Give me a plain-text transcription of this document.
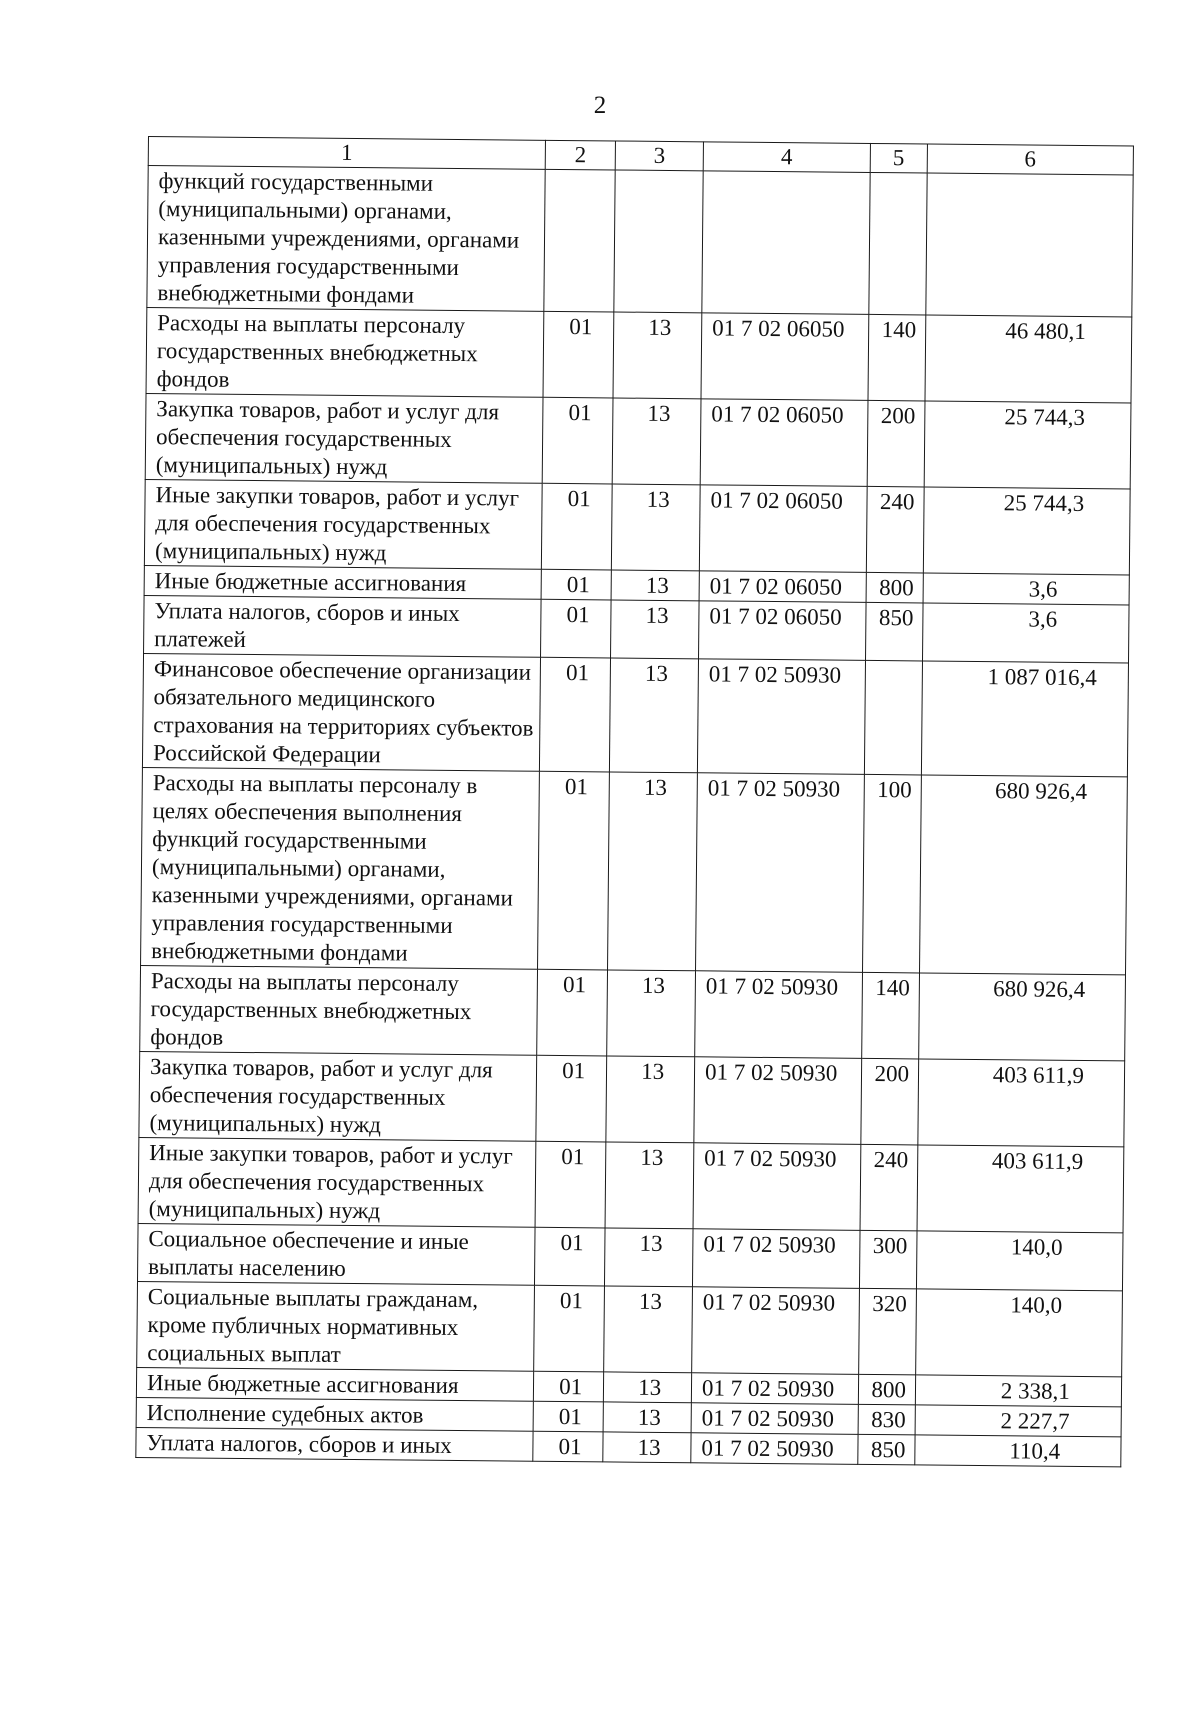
2
1	2	3	4	5	6
функций государственными (муниципальными) органами, казенными учреждениями, органами управления государственными внебюджетными фондами					
Расходы на выплаты персоналу государственных внебюджетных фондов	01	13	01 7 02 06050	140	46 480,1
Закупка товаров, работ и услуг для обеспечения государственных (муниципальных) нужд	01	13	01 7 02 06050	200	25 744,3
Иные закупки товаров, работ и услуг для обеспечения государственных (муниципальных) нужд	01	13	01 7 02 06050	240	25 744,3
Иные бюджетные ассигнования	01	13	01 7 02 06050	800	3,6
Уплата налогов, сборов и иных платежей	01	13	01 7 02 06050	850	3,6
Финансовое обеспечение организации обязательного медицинского страхования на территориях субъектов Российской Федерации	01	13	01 7 02 50930		1 087 016,4
Расходы на выплаты персоналу в целях обеспечения выполнения функций государственными (муниципальными) органами, казенными учреждениями, органами управления государственными внебюджетными фондами	01	13	01 7 02 50930	100	680 926,4
Расходы на выплаты персоналу государственных внебюджетных фондов	01	13	01 7 02 50930	140	680 926,4
Закупка товаров, работ и услуг для обеспечения государственных (муниципальных) нужд	01	13	01 7 02 50930	200	403 611,9
Иные закупки товаров, работ и услуг для обеспечения государственных (муниципальных) нужд	01	13	01 7 02 50930	240	403 611,9
Социальное обеспечение и иные выплаты населению	01	13	01 7 02 50930	300	140,0
Социальные выплаты гражданам, кроме публичных нормативных социальных выплат	01	13	01 7 02 50930	320	140,0
Иные бюджетные ассигнования	01	13	01 7 02 50930	800	2 338,1
Исполнение судебных актов	01	13	01 7 02 50930	830	2 227,7
Уплата налогов, сборов и иных	01	13	01 7 02 50930	850	110,4
